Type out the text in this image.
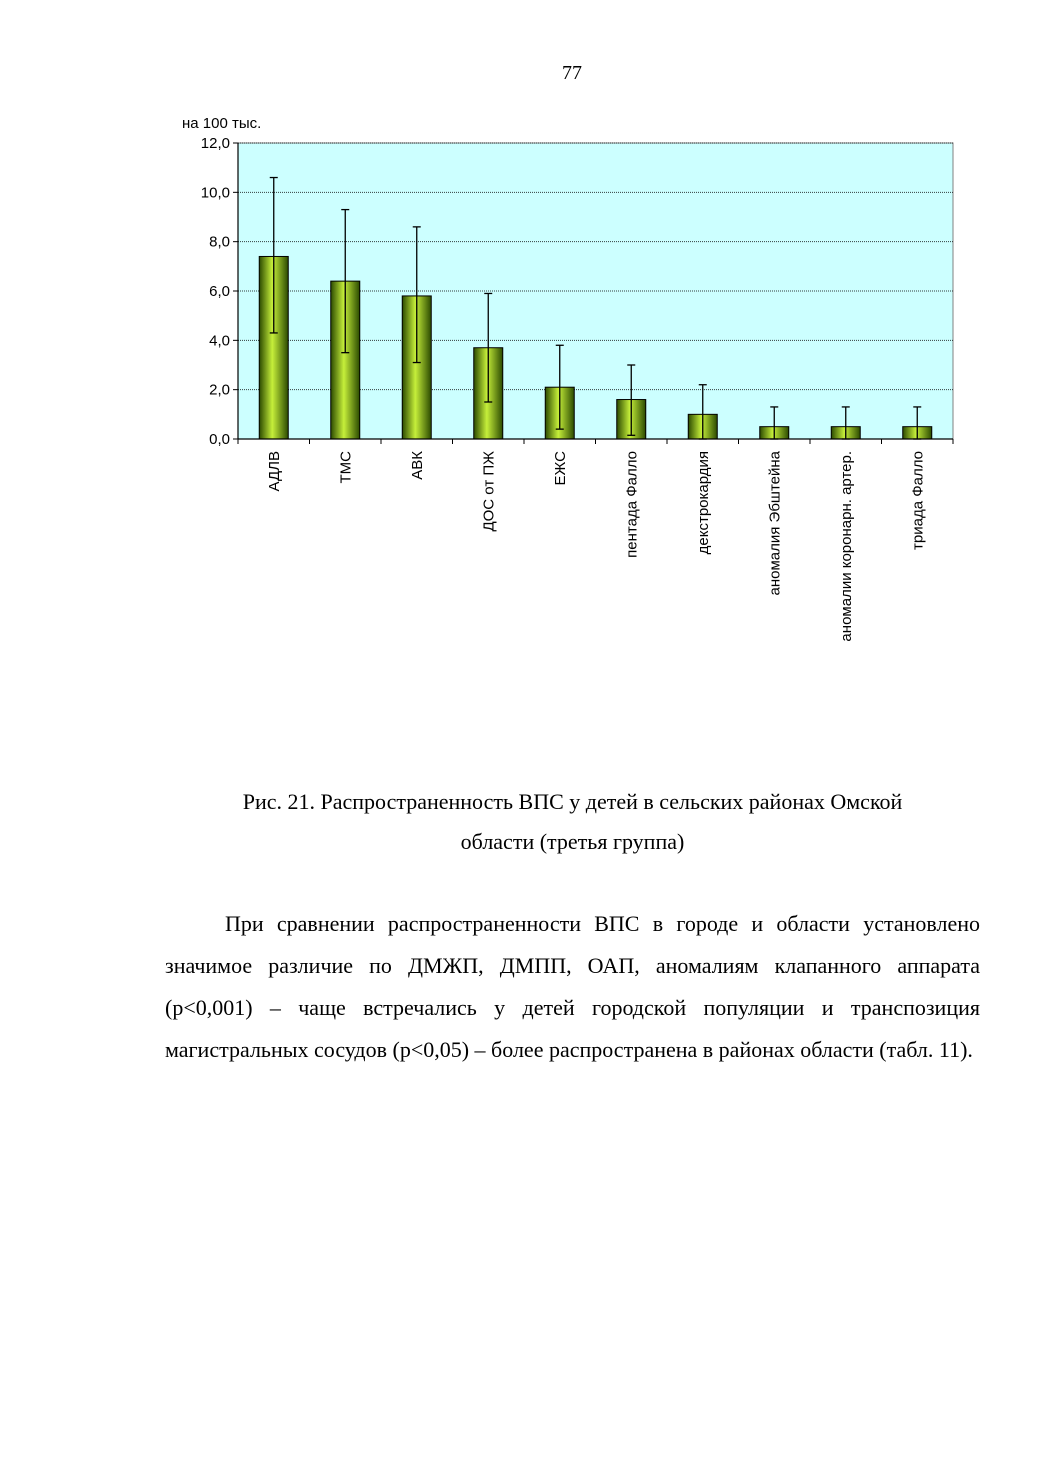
77
на 100 тыс.
0,0
2,0
4,0
6,0
8,0
10,0
12,0
АДЛВ	ТМС	АВК	ДОС от ПЖ	ЕЖС	пентада Фалло	декстрокардия	аномалия Эбштейна	аномалии коронарн. артер.	триада Фалло
Рис. 21. Распространенность ВПС у детей в сельских районах Омской
области (третья группа)

При сравнении распространенности ВПС в городе и области установлено значимое различие по ДМЖП, ДМПП, ОАП, аномалиям клапанного аппарата (p<0,001) – чаще встречались у детей городской популяции и транспозиция магистральных сосудов (p<0,05) – более распространена в районах области (табл. 11).
